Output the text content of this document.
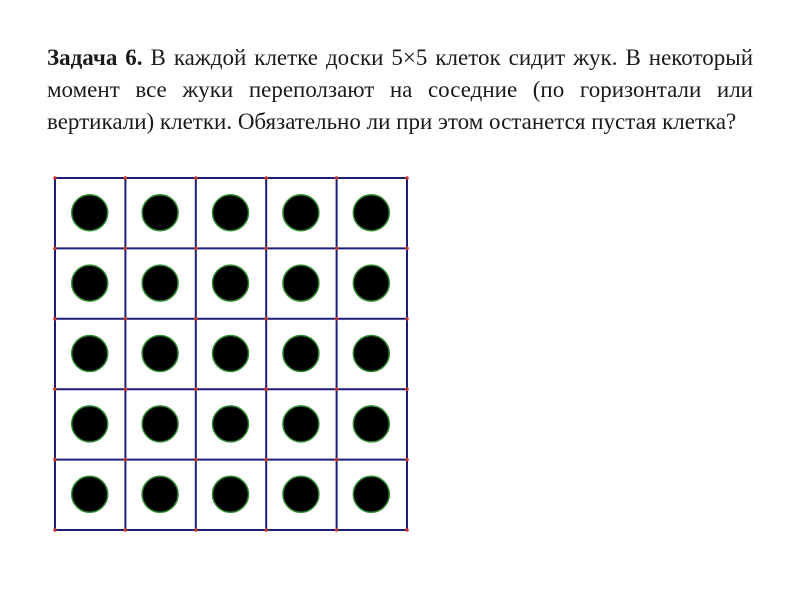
Задача 6. В каждой клетке доски 5×5 клеток сидит жук. В некоторый момент все жуки переползают на соседние (по горизонтали или вертикали) клетки. Обязательно ли при этом останется пустая клетка?
